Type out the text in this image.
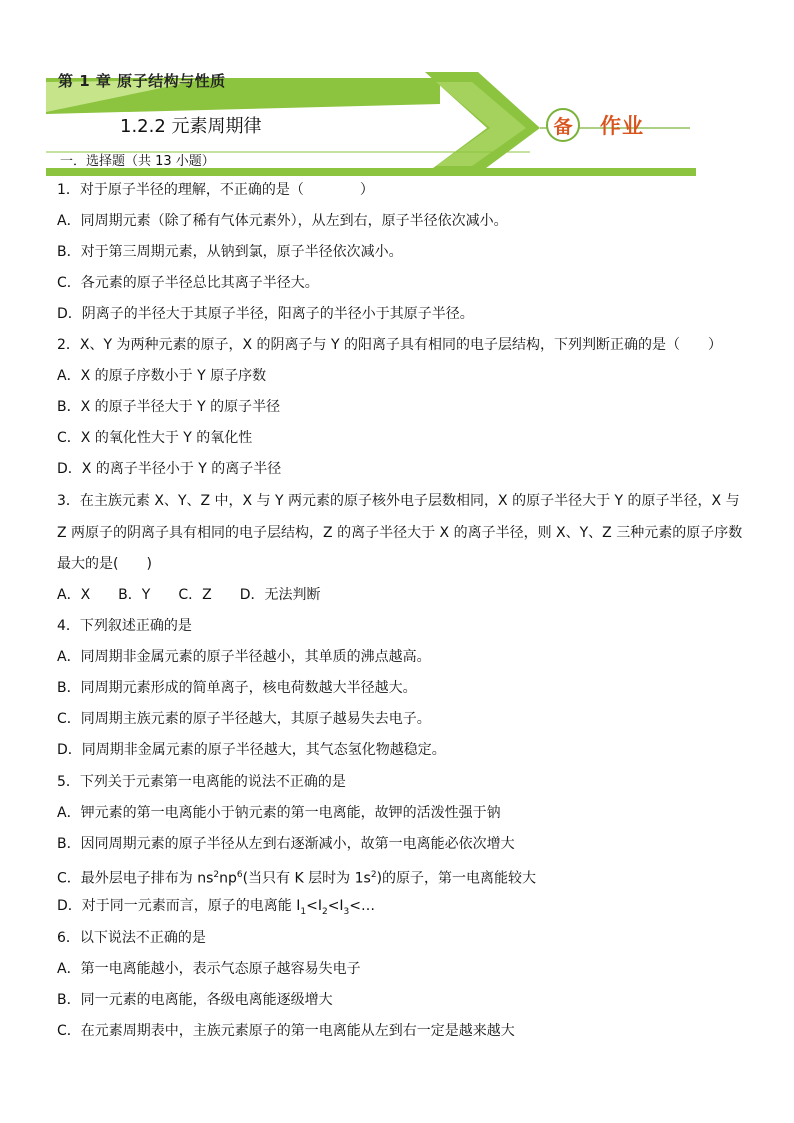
第 1 章 原子结构与性质
1.2.2 元素周期律	备	作业
一．选择题（共 13 小题）
1．对于原子半径的理解，不正确的是（　　　　）
A．同周期元素（除了稀有气体元素外），从左到右，原子半径依次减小。
B．对于第三周期元素，从钠到氯，原子半径依次减小。
C．各元素的原子半径总比其离子半径大。
D．阴离子的半径大于其原子半径，阳离子的半径小于其原子半径。
2．X、Y 为两种元素的原子，X 的阴离子与 Y 的阳离子具有相同的电子层结构，下列判断正确的是（　　）
A．X 的原子序数小于 Y 原子序数
B．X 的原子半径大于 Y 的原子半径
C．X 的氧化性大于 Y 的氧化性
D．X 的离子半径小于 Y 的离子半径
3．在主族元素 X、Y、Z 中，X 与 Y 两元素的原子核外电子层数相同，X 的原子半径大于 Y 的原子半径，X 与
Z 两原子的阴离子具有相同的电子层结构，Z 的离子半径大于 X 的离子半径，则 X、Y、Z 三种元素的原子序数
最大的是(　　)
A．X　　B．Y　　C．Z　　D．无法判断
4．下列叙述正确的是
A．同周期非金属元素的原子半径越小，其单质的沸点越高。
B．同周期元素形成的简单离子，核电荷数越大半径越大。
C．同周期主族元素的原子半径越大，其原子越易失去电子。
D．同周期非金属元素的原子半径越大，其气态氢化物越稳定。
5．下列关于元素第一电离能的说法不正确的是
A．钾元素的第一电离能小于钠元素的第一电离能，故钾的活泼性强于钠
B．因同周期元素的原子半径从左到右逐渐减小，故第一电离能必依次增大
C．最外层电子排布为 $ns^2np^6$(当只有 K 层时为 $1s^2$)的原子，第一电离能较大
D．对于同一元素而言，原子的电离能 $I_1<I_2<I_3<\dots$
6．以下说法不正确的是
A．第一电离能越小，表示气态原子越容易失电子
B．同一元素的电离能，各级电离能逐级增大
C．在元素周期表中，主族元素原子的第一电离能从左到右一定是越来越大
